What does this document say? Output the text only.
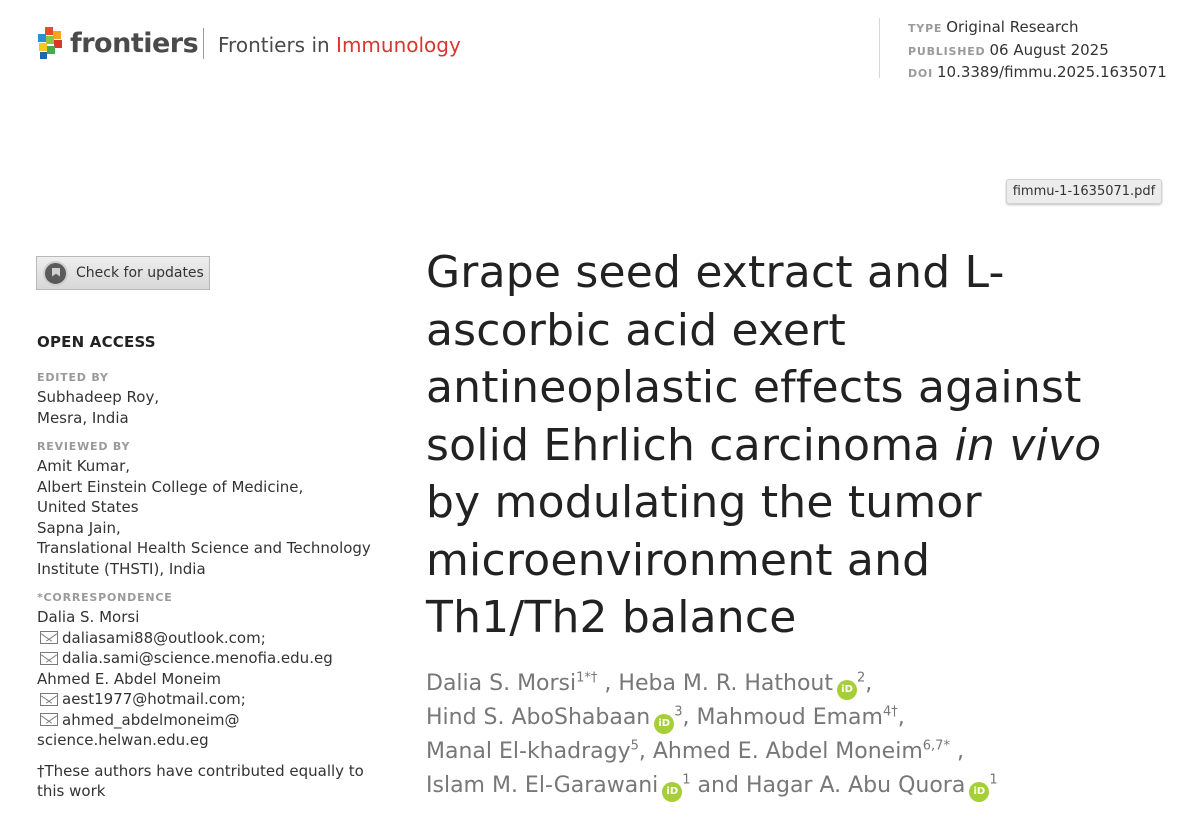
frontiers Frontiers in Immunology
TYPE Original Research
PUBLISHED 06 August 2025
DOI 10.3389/fimmu.2025.1635071
fimmu-1-1635071.pdf
Check for updates
OPEN ACCESS
EDITED BY
Subhadeep Roy,
Mesra, India
REVIEWED BY
Amit Kumar,
Albert Einstein College of Medicine,
United States
Sapna Jain,
Translational Health Science and Technology
Institute (THSTI), India
*CORRESPONDENCE
Dalia S. Morsi
daliasami88@outlook.com;
dalia.sami@science.menofia.edu.eg
Ahmed E. Abdel Moneim
aest1977@hotmail.com;
ahmed_abdelmoneim@
science.helwan.edu.eg
†These authors have contributed equally to this work
Grape seed extract and L-
ascorbic acid exert
antineoplastic effects against
solid Ehrlich carcinoma in vivo
by modulating the tumor
microenvironment and
Th1/Th2 balance
Dalia S. Morsi$^{1*\dagger}$ , Heba M. R. Hathout $iD^2$,
Hind S. AboShabaan $iD^3$, Mahmoud Emam$^{4\dagger}$,
Manal El-khadragy$^5$, Ahmed E. Abdel Moneim$^{6,7*}$ ,
Islam M. El-Garawani $iD^1$ and Hagar A. Abu Quora $iD^1$
